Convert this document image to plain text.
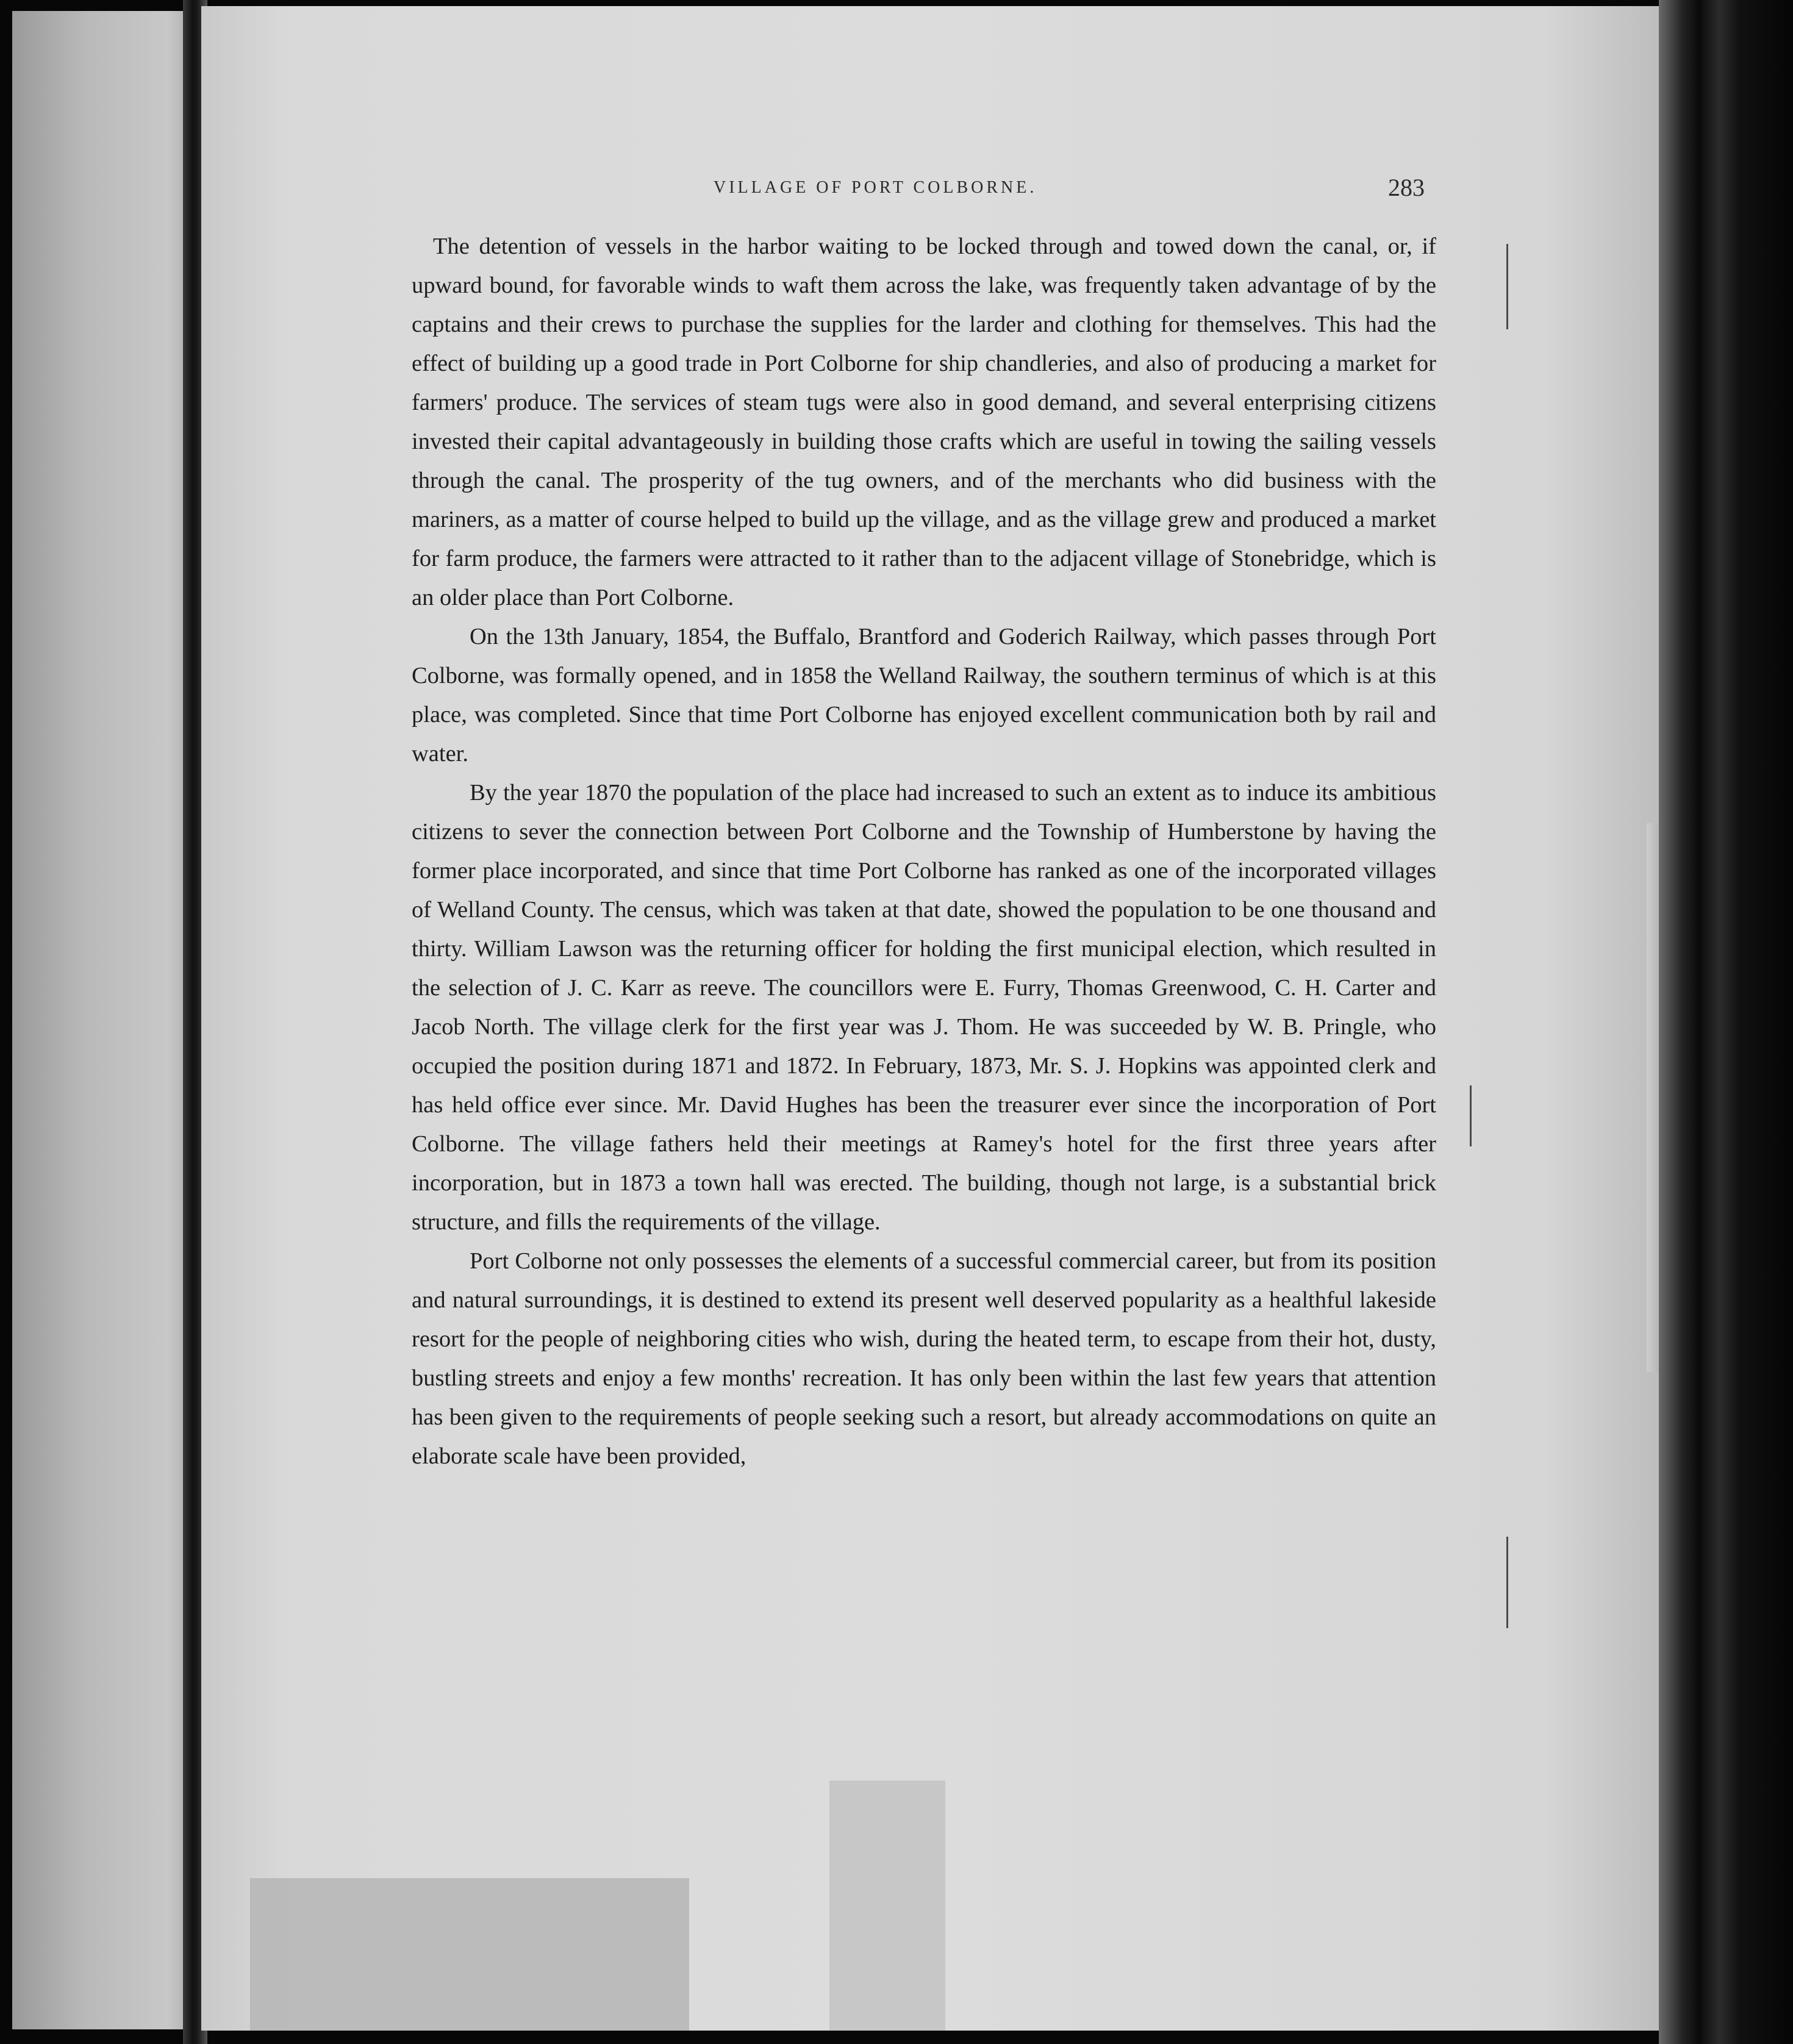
VILLAGE OF PORT COLBORNE.	283

The detention of vessels in the harbor waiting to be locked through and towed down the canal, or, if upward bound, for favorable winds to waft them across the lake, was frequently taken advantage of by the captains and their crews to purchase the supplies for the larder and clothing for themselves. This had the effect of building up a good trade in Port Colborne for ship chandleries, and also of producing a market for farmers' produce. The services of steam tugs were also in good demand, and several enterprising citizens invested their capital advantageously in building those crafts which are useful in towing the sailing vessels through the canal. The prosperity of the tug owners, and of the merchants who did business with the mariners, as a matter of course helped to build up the village, and as the village grew and produced a market for farm produce, the farmers were attracted to it rather than to the adjacent village of Stonebridge, which is an older place than Port Colborne.

On the 13th January, 1854, the Buffalo, Brantford and Goderich Railway, which passes through Port Colborne, was formally opened, and in 1858 the Welland Railway, the southern terminus of which is at this place, was completed. Since that time Port Colborne has enjoyed excellent communication both by rail and water.

By the year 1870 the population of the place had increased to such an extent as to induce its ambitious citizens to sever the connection between Port Colborne and the Township of Humberstone by having the former place incorporated, and since that time Port Colborne has ranked as one of the incorporated villages of Welland County. The census, which was taken at that date, showed the population to be one thousand and thirty. William Lawson was the returning officer for holding the first municipal election, which resulted in the selection of J. C. Karr as reeve. The councillors were E. Furry, Thomas Greenwood, C. H. Carter and Jacob North. The village clerk for the first year was J. Thom. He was succeeded by W. B. Pringle, who occupied the position during 1871 and 1872. In February, 1873, Mr. S. J. Hopkins was appointed clerk and has held office ever since. Mr. David Hughes has been the treasurer ever since the incorporation of Port Colborne. The village fathers held their meetings at Ramey's hotel for the first three years after incorporation, but in 1873 a town hall was erected. The building, though not large, is a substantial brick structure, and fills the requirements of the village.

Port Colborne not only possesses the elements of a successful commercial career, but from its position and natural surroundings, it is destined to extend its present well deserved popularity as a healthful lakeside resort for the people of neighboring cities who wish, during the heated term, to escape from their hot, dusty, bustling streets and enjoy a few months' recreation. It has only been within the last few years that attention has been given to the requirements of people seeking such a resort, but already accommodations on quite an elaborate scale have been provided,
